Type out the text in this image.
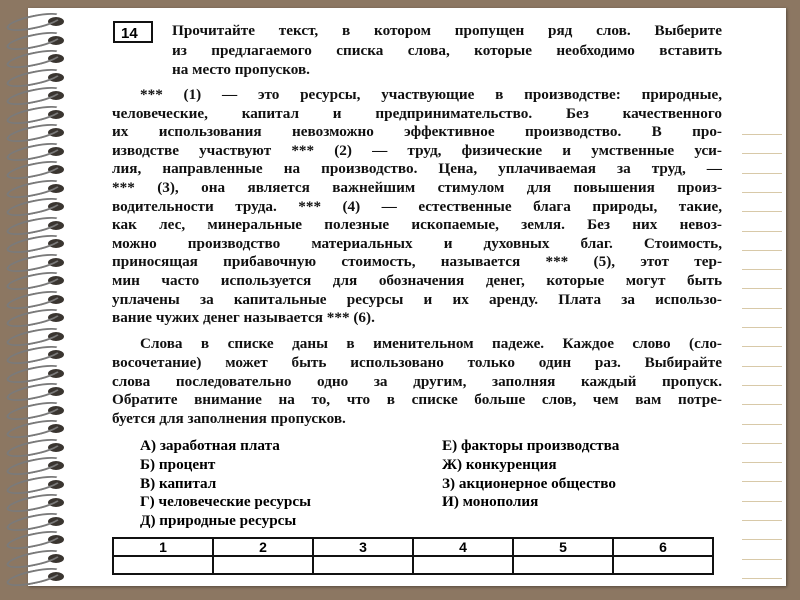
14	Прочитайте текст, в котором пропущен ряд слов. Выберите
из предлагаемого списка слова, которые необходимо вставить
на место пропусков.
*** (1) — это ресурсы, участвующие в производстве: природные,
человеческие, капитал и предпринимательство. Без качественного
их использования невозможно эффективное производство. В про-
изводстве участвуют *** (2) — труд, физические и умственные уси-
лия, направленные на производство. Цена, уплачиваемая за труд, —
*** (3), она является важнейшим стимулом для повышения произ-
водительности труда. *** (4) — естественные блага природы, такие,
как лес, минеральные полезные ископаемые, земля. Без них невоз-
можно производство материальных и духовных благ. Стоимость,
приносящая прибавочную стоимость, называется *** (5), этот тер-
мин часто используется для обозначения денег, которые могут быть
уплачены за капитальные ресурсы и их аренду. Плата за использо-
вание чужих денег называется *** (6).
Слова в списке даны в именительном падеже. Каждое слово (сло-
восочетание) может быть использовано только один раз. Выбирайте
слова последовательно одно за другим, заполняя каждый пропуск.
Обратите внимание на то, что в списке больше слов, чем вам потре-
буется для заполнения пропусков.
А) заработная плата
Б) процент
В) капитал
Г) человеческие ресурсы
Д) природные ресурсы
Е) факторы производства
Ж) конкуренция
З) акционерное общество
И) монополия
1	2	3	4	5	6
